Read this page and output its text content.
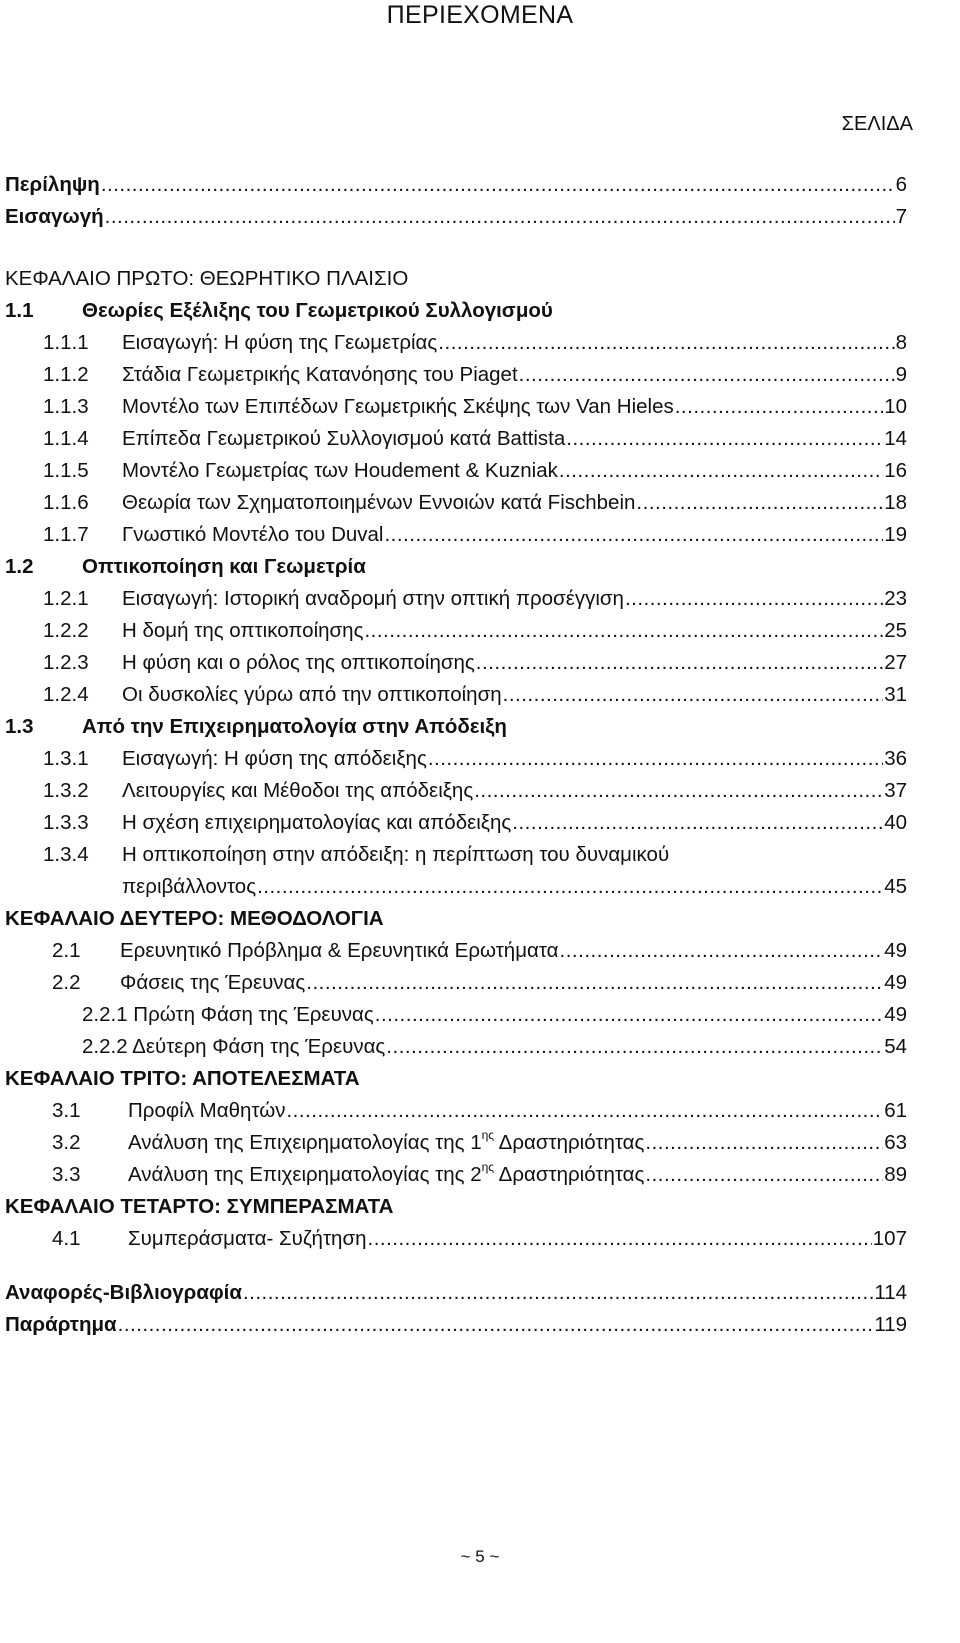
ΠΕΡΙΕΧΟΜΕΝΑ
ΣΕΛΙΔΑ
Περίληψη .....	6
Εισαγωγή .....	7
ΚΕΦΑΛΑΙΟ ΠΡΩΤΟ: ΘΕΩΡΗΤΙΚΟ ΠΛΑΙΣΙΟ
1.1 Θεωρίες Εξέλιξης του Γεωμετρικού Συλλογισμού
1.1.1 Εισαγωγή: Η φύση της Γεωμετρίας .....	8
1.1.2 Στάδια Γεωμετρικής Κατανόησης του Piaget .....	9
1.1.3 Μοντέλο των Επιπέδων Γεωμετρικής Σκέψης των Van Hieles .....	10
1.1.4 Επίπεδα Γεωμετρικού Συλλογισμού κατά Battista .....	14
1.1.5 Μοντέλο Γεωμετρίας των Houdement & Kuzniak .....	16
1.1.6 Θεωρία των Σχηματοποιημένων Εννοιών κατά Fischbein .....	18
1.1.7 Γνωστικό Μοντέλο του Duval .....	19
1.2 Οπτικοποίηση και Γεωμετρία
1.2.1 Εισαγωγή: Ιστορική αναδρομή στην οπτική προσέγγιση .....	23
1.2.2 Η δομή της οπτικοποίησης .....	25
1.2.3 Η φύση και ο ρόλος της οπτικοποίησης .....	27
1.2.4 Οι δυσκολίες γύρω από την οπτικοποίηση .....	31
1.3 Από την Επιχειρηματολογία στην Απόδειξη
1.3.1 Εισαγωγή: Η φύση της απόδειξης .....	36
1.3.2 Λειτουργίες και Μέθοδοι της απόδειξης .....	37
1.3.3 Η σχέση επιχειρηματολογίας και απόδειξης .....	40
1.3.4 Η οπτικοποίηση στην απόδειξη: η περίπτωση του δυναμικού
περιβάλλοντος .....	45
ΚΕΦΑΛΑΙΟ ΔΕΥΤΕΡΟ: ΜΕΘΟΔΟΛΟΓΙΑ
2.1 Ερευνητικό Πρόβλημα & Ερευνητικά Ερωτήματα .....	49
2.2 Φάσεις της Έρευνας .....	49
2.2.1 Πρώτη Φάση της Έρευνας .....	49
2.2.2 Δεύτερη Φάση της Έρευνας .....	54
ΚΕΦΑΛΑΙΟ ΤΡΙΤΟ: ΑΠΟΤΕΛΕΣΜΑΤΑ
3.1 Προφίλ Μαθητών .....	61
3.2 Ανάλυση της Επιχειρηματολογίας της $1^{\eta\varsigma}$ Δραστηριότητας .....	63
3.3 Ανάλυση της Επιχειρηματολογίας της $2^{\eta\varsigma}$ Δραστηριότητας .....	89
ΚΕΦΑΛΑΙΟ ΤΕΤΑΡΤΟ: ΣΥΜΠΕΡΑΣΜΑΤΑ
4.1 Συμπεράσματα- Συζήτηση .....	107
Αναφορές-Βιβλιογραφία .....	114
Παράρτημα .....	119
~ 5 ~
